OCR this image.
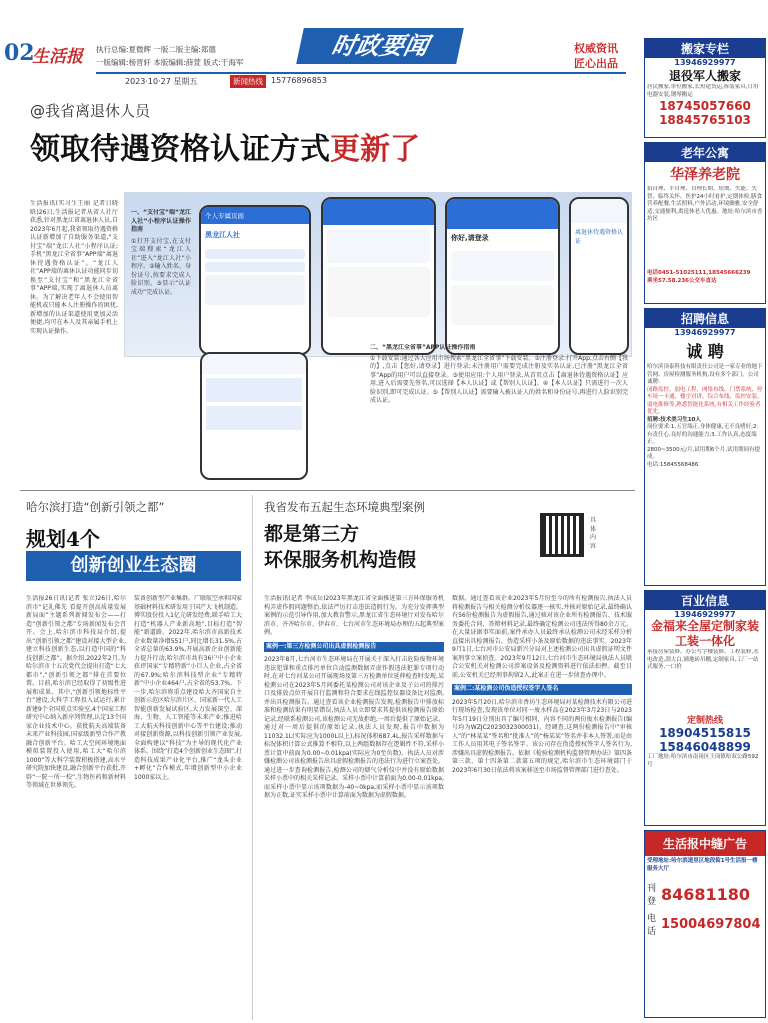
02
生活报 执行总编:夏微辉 一版二版主编:郑德
一版编辑:杨晋轩 本版编辑:薛萱 版式:于海军
时政要闻	权威资讯
匠心出品
2023·10·27 星期五	新闻热线	15776896853
@我省离退休人员
领取待遇资格认证方式更新了
生活报讯(实习生王丽 记者日晓晗)26日,生活报记者从省人社厅获悉,针对黑龙江省离退休人员,自2023年6月起,我省领取待遇资格认证新增加了自助服务渠道,“支付宝”端“龙江人社”小程序认证;手机“黑龙江全省事”APP端“离退休待遇资格认证”。“龙江人社”APP端的离休认证功能同步切换至“支付宝”和“黑龙江全省事”APP端,实现了离退休人员离休。为了解决老年人不会使用智能机或只能本人注册操作的困扰,新增加的认证渠道使用更加灵活便捷,均可在本人及其亲属手机上实现认证操作。
一、“支付宝”端“龙江人社”小程序认证操作指南
①打开支付宝,在支付宝端搜索“龙江人社”进入“龙江人社”小程序。②输入姓名、身份证号,按要求完成人脸识别。③显示“认证成功”完成认证。
个人专属页面
黑龙江人社	你好,请登录
离退休待遇资格认证
二、“黑龙江全省事”APP认证操作指南
①下载安装:通过各大应用市场搜索“黑龙江全省事”下载安装。②注册登录:打开App,点击右侧【我的】,点击【您好,请登录】进行登录;未注册用户需要完成注册及实名认证,已注册“黑龙江全省事”App的用户可以直接登录。③使用应用:个人用户登录,从首页点击【离退休待遇资格认证】应用,进入后需要先签名,可以选择【本人认证】或【帮别人认证】。④【本人认证】只需进行一次人脸识别,即可完成认证。⑤【帮别人认证】需要输入被认证人的姓名和身份证号,再进行人脸识别完成认证。
哈尔滨打造“创新引领之都”
规划4个
创新创业生态圈
生活报26日讯(记者 张立)26日,哈尔滨市“记礼佛先 看提开创高质量发展新局面”主题系列新闻发布会——打造“创新引领之都”专场新闻发布会召开。会上,哈尔滨市科技局介绍,提出“创新引领之都”建设对接大型企业,建立科技创新生态,以打造中国的“科技创新之都”。据介绍,2022年2月,为哈尔滨市十五次党代会提出打造“七大都市”,“创新引领之都”排在首要位置。目前,哈尔滨已经取得了初级性进展和成果。其中,“创新引领地标性平台”建设,大科学工程投入试运行,累计新建9个全国重点实验室,4个国家工程研究中心纳入新序列管理,认定13个国家企业技术中心。获批航天高端装备未来产业科技园,国家级新型合作产教融合创新平台。哈工大空间环境地面模拟装置投入使用,哈工大“哈尔滨1000”等大科学装置积极搭建,高水平研究院加快建设,融合创新平台获批,开辟“一院一所一校”,生物医药和新材料等领域在世界领先。
装备创新型产业集群。广联航空承担国家基础材料技术研发用于国产大飞机制造。博实股份投入1亿元研发经费,联手哈工大打造“机器人产业新高地”,目标打造“智能”新道路。2022年,哈尔滨市高新技术企业数量净增551户,同比增长31.5%,占全省总量的63.9%,开展高新企业创新能力提升行动,哈尔滨市共有36户中小企业获评国家“专精特新”小巨人企业,占全省的67.9%;哈尔滨科技型企业“专精特新”中小企业464户,占全省的53.7%。下一步,哈尔滨将重点建设哈大齐国家自主创新示范区哈尔滨片区、国家新一代人工智能创新发展试验区,大力发展深空、深海、生物、人工智能等未来产业;推进哈工大航天科技创新中心等平台建设;推动对接创新资源,以科技创新引领产业发展,全面构建以“科技”为主导的现代化产业体系。围绕“打造4个创新创业生态圈”,打造科技成果产业化平台,推广“龙头企业+孵化”合作模式,年增创新型中小企业1000家以上。
我省发布五起生态环境典型案例
都是第三方
环保服务机构造假
具体内容
生活报讯(记者 李成岳)2023年黑龙江省全面推进第三方环保服务机构弄虚作假问题整治,依法严厉打击违法造假行为。为充分发挥典型案例的示范引导作用,加大教育警示,黑龙江省生态环境厅对发布哈尔滨市、齐齐哈尔市、伊春市、七台河市生态环境局办理的五起典型案例。
案例一:第三方检测公司出具虚假检测报告
2023年8月,七台河市生态环境局在开展关于深入打击危险废物环境违法犯罪和重点排污单位自动监测数据弄虚作假违法犯罪专项行动时,在对七台河某公司开展现场及第三方检测单位延伸检查时发现,某检测公司在2023年5月间委托某检测公司对该企业及子公司的排污口及排放点位开展自行监测和符合要求在线监控仪器设备比对监测,并出具检测报告。通过查看该企业检测报告发现,检测报告中排放标准和检测结果有明显错误,执法人员立即要求其提供该检测报告原始记录,经联系检测公司,该检测公司无故拒绝,一周后提供了原始记录。通过对一周后提供的原始记录,执法人员发现,报告中数据为11032.1L(实际应为1000L以上),标况体积687.4L,报告采样数据与标况体积计算公式推算不相符,以上两组数据存在逻辑性不符,采样小票计算中前面为0.00~0.01kpa(实际应为0至负数)。执法人员对涉嫌检测公司该检测报告出具虚假检测报告的违法行为进行立案查处。通过进一步查询检测报告,检测公司的烟气分析仪中并没有原始数据采样小票中的相关采样记录。采样小票中计算前面为0.00-0.01kpa,而采样小票中显示该项数据为-40~0kpa,而采样小票中显示该项数据为正数,证实采样小票中计算前面为数据为虚假数据。
数据。通过查看该企业2023年5月份至今的所有检测报告,执法人员将检测报告与相关检测分析仪器逐一核实,并核对原始记录,最终确认有56份检测报告为虚假报告,通过核对该企业所有检测报告、技术服务委托合同、答辩材料记录,最终确定检测公司违法所得80余万元。在大量证据事实面前,案件承办人员最终承认检测公司未经采样分析直接出具检测报告、伪造采样小条及原始数据的违法事实。2023年9月1日,七台河市公安局新兴分局对上述检测公司出具虚假证明文件案刑事立案侦查。2023年9月12日,七台河市生态环境局执法人员联合公安机关对检测公司涉案设备及检测资料进行依法扣押。截至目前,公安机关已经刑事拘留2人,此案正在进一步侦查办理中。
案例二:某检测公司伪造授权签字人签名
2023年5月20日,哈尔滨市香坊生态环境局对某检测技术有限公司进行现场检查,发现该单位对同一废水样品在2023年3月23日与2023年5月19日分别出具了编号相同、内容不同的两份废水检测报告(编号均为WZJC2023032300031)。经调查,这两份检测报告中“审核人”的“林某某”签名和“批准人”的“杨某某”签名并非本人签署,而是由工作人员用其电子签名签字。该公司存在伪造授权签字人签名行为,涉嫌出具虚假检测报告。依据《检验检测机构监督管理办法》第四条第三款、第十四条第二款第五项的规定,哈尔滨市生态环境部门于2023年6月30日依法将该案移送至市场监督管理部门进行查处。
搬家专栏
13946929977
退役军人搬家
居民搬家,单位搬家,长短途货运,拆装家具,日用电器安装,钢琴搬运
18745057660
18845765103
老年公寓
华泽养老院
招自理、半自理、自理长期、短期、失能、失智、临终关怀。医护24小时看护,定期体检,膳食营养配餐,生活照料,户外活动,环境幽雅,安全舒适,交通便利,离退休老人优惠。地址:哈尔滨市香坊区
电话0451-51025111,18545666239
乘坐57.58.236公交车直达
招聘信息
13946929977
诚 聘
哈尔滨顶泰科技有限责任公司是一家专业的地下管网、房屋检测服务机构,设有多个部门。公司诚聘:
闭路监控、弱电工程、网络布线、门禁系统、停车场一卡通、楼宇对讲、综合布线、监控安装、弱电维修等,熟悉智能化系统,有相关工作经验者优先。
招聘:技术类习生10人
岗位要求:1.五官端正,身体健康,无不良嗜好;2.有责任心,良好的沟通能力;3.工作认真,态度端正。
2800~3500元/月,试用期6个月,试用期间有提成。
电话:15845568486
百业信息
13946929977
金福来全屋定制家装工装一体化
承接房屋装修、办公写字楼装修、工程装修,水电改造,刮大白,铺地砖吊棚,定制家具,工厂一站式服务,一口价
定制热线
18904515815
15846048899
工厂地址:哈尔滨市南岗区王岗镇哈双公路592号
生活报中缝广告
受理地址:哈尔滨道里区地段街1号生活报一楼服务大厅
刊登 84681180
电话
15004697804
